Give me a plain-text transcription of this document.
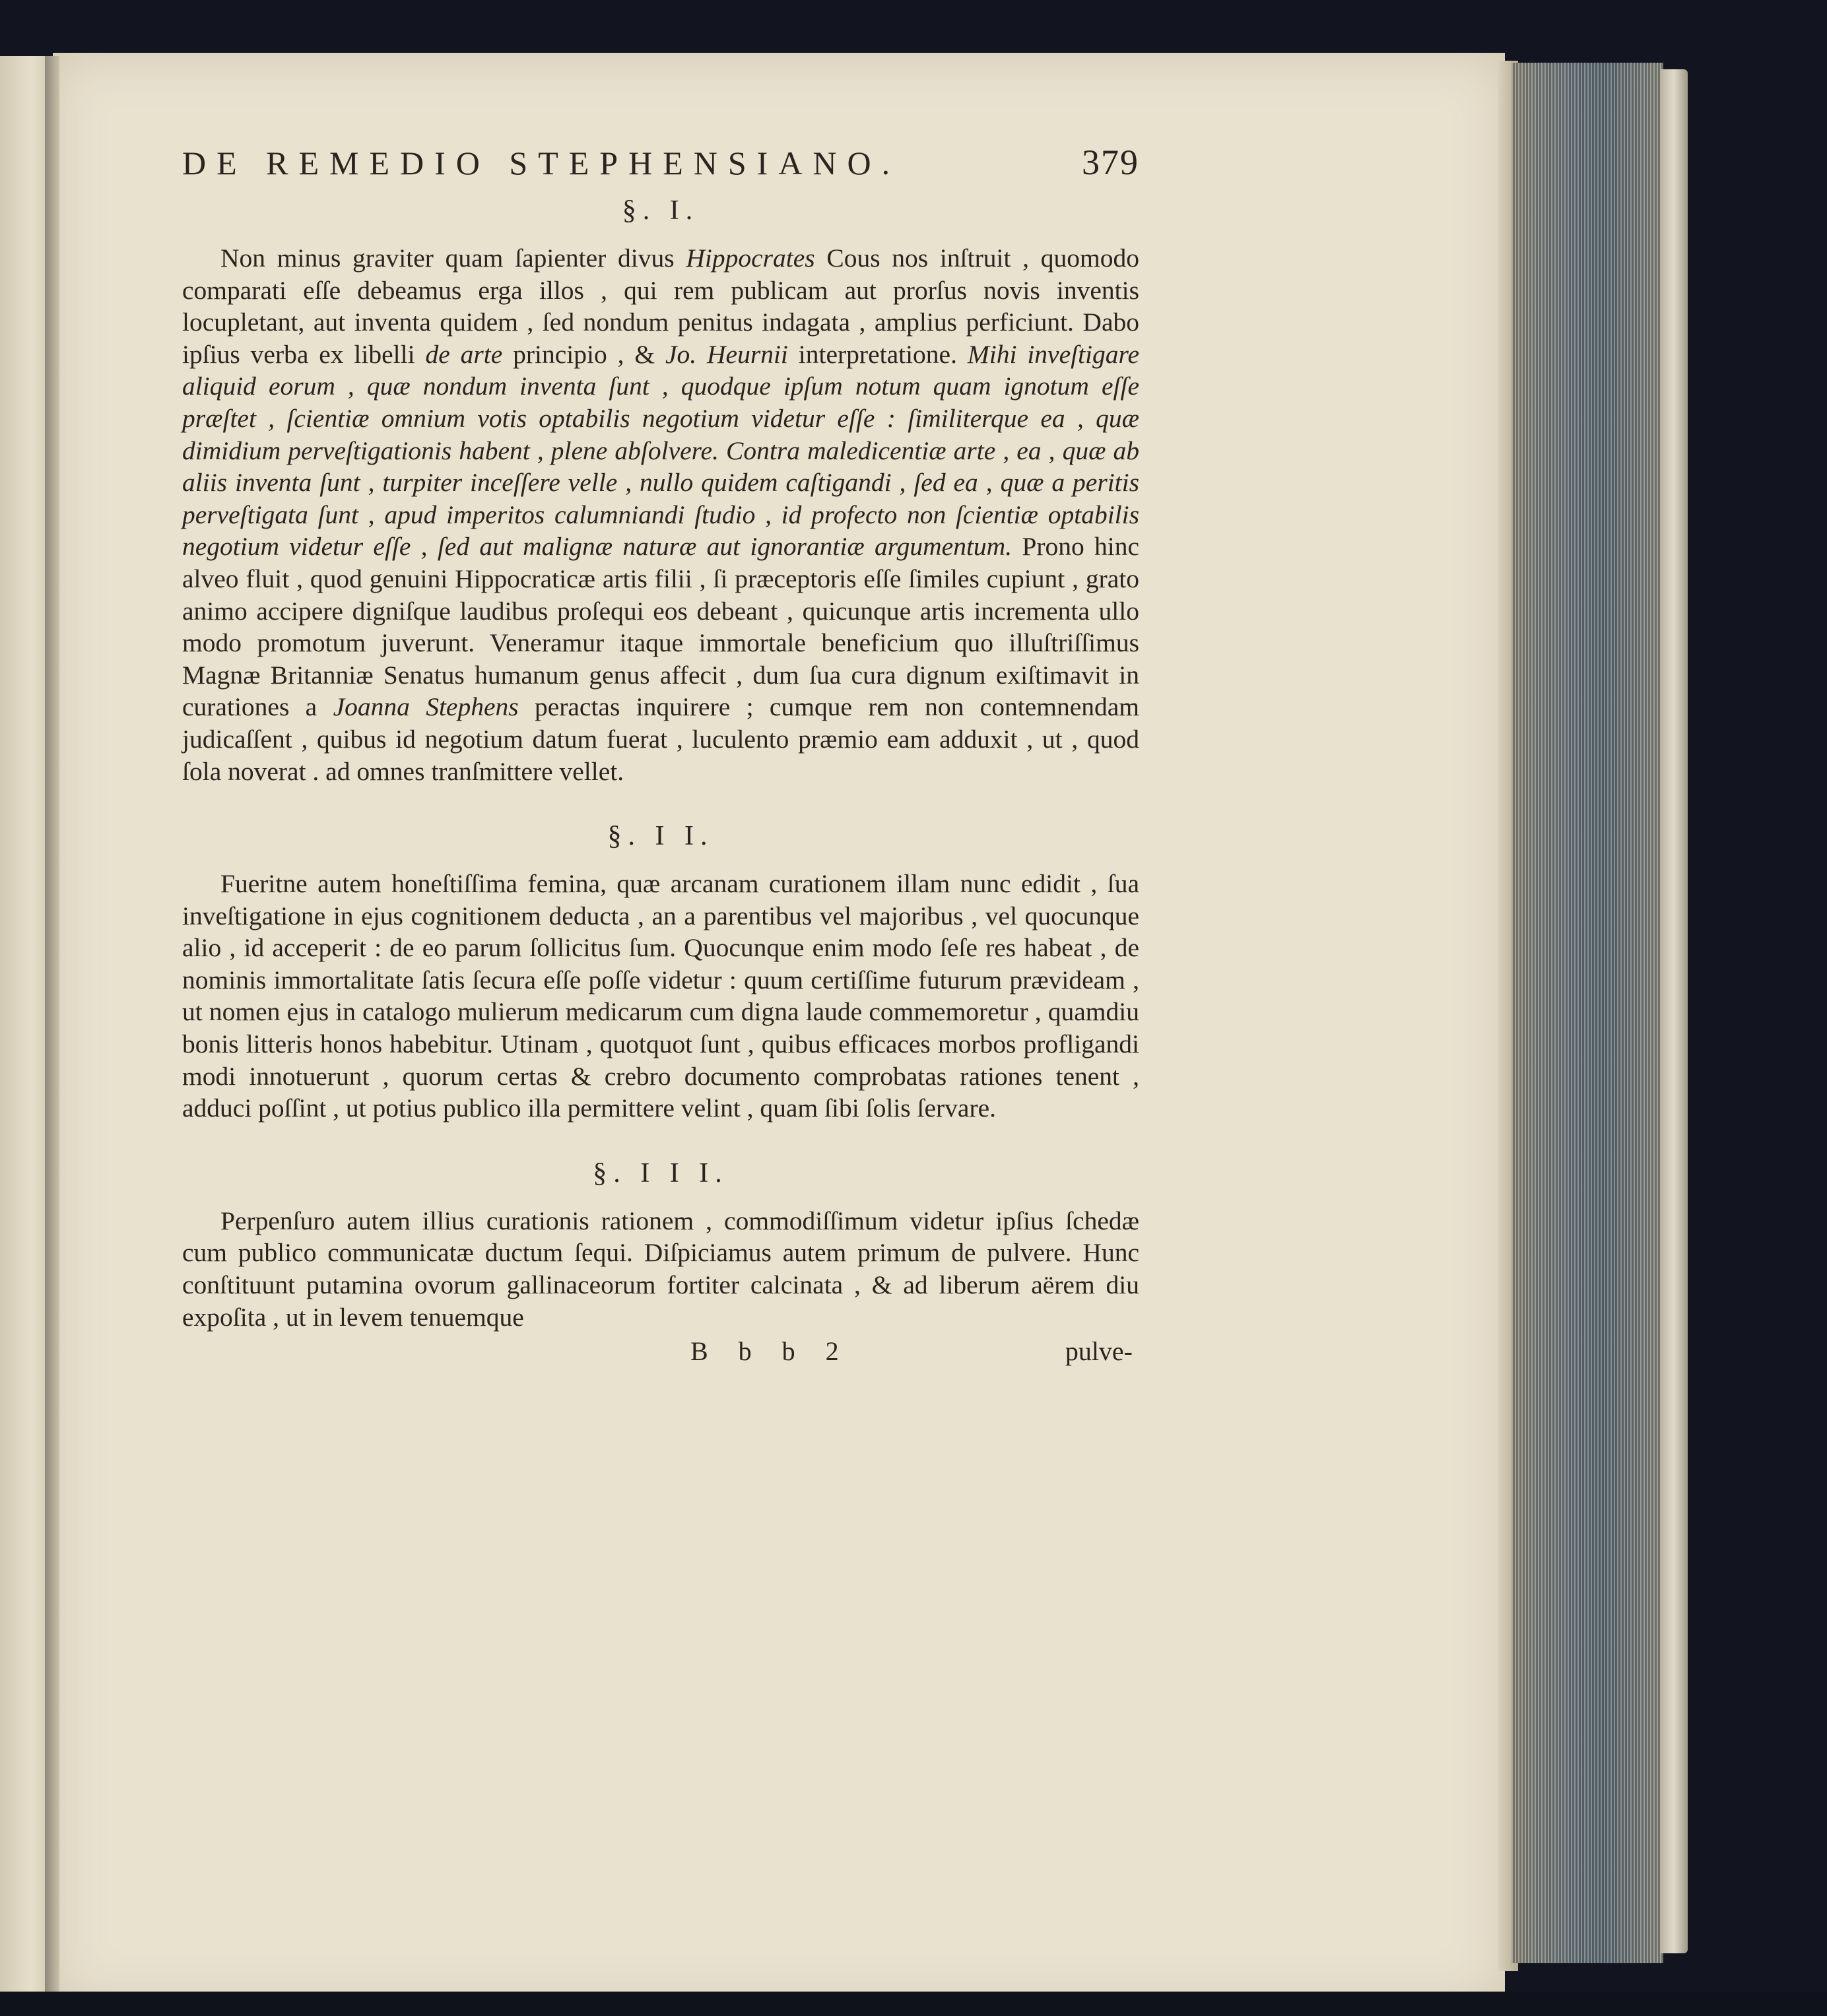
DE REMEDIO STEPHENSIANO.	379
§. I.

Non minus graviter quam ſapienter divus Hippocrates Cous nos inſtruit , quomodo comparati eſſe debeamus erga illos , qui rem publicam aut prorſus novis inventis locupletant, aut inventa quidem , ſed nondum penitus indagata , amplius perficiunt. Dabo ipſius verba ex libelli de arte principio , & Jo. Heurnii interpretatione. Mihi inveſtigare aliquid eorum , quæ nondum inventa ſunt , quodque ipſum notum quam ignotum eſſe præſtet , ſcientiæ omnium votis optabilis negotium videtur eſſe : ſimiliterque ea , quæ dimidium perveſtigationis habent , plene abſolvere. Contra maledicentiæ arte , ea , quæ ab aliis inventa ſunt , turpiter inceſſere velle , nullo quidem caſtigandi , ſed ea , quæ a peritis perveſtigata ſunt , apud imperitos calumniandi ſtudio , id profecto non ſcientiæ optabilis negotium videtur eſſe , ſed aut malignæ naturæ aut ignorantiæ argumentum. Prono hinc alveo fluit , quod genuini Hippocraticæ artis filii , ſi præceptoris eſſe ſimiles cupiunt , grato animo accipere digniſque laudibus proſequi eos debeant , quicunque artis incrementa ullo modo promotum juverunt. Veneramur itaque immortale beneficium quo illuſtriſſimus Magnæ Britanniæ Senatus humanum genus affecit , dum ſua cura dignum exiſtimavit in curationes a Joanna Stephens peractas inquirere ; cumque rem non contemnendam judicaſſent , quibus id negotium datum fuerat , luculento præmio eam adduxit , ut , quod ſola noverat . ad omnes tranſmittere vellet.

§. I I.

Fueritne autem honeſtiſſima femina, quæ arcanam curationem illam nunc edidit , ſua inveſtigatione in ejus cognitionem deducta , an a parentibus vel majoribus , vel quocunque alio , id acceperit : de eo parum ſollicitus ſum. Quocunque enim modo ſeſe res habeat , de nominis immortalitate ſatis ſecura eſſe poſſe videtur : quum certiſſime futurum prævideam , ut nomen ejus in catalogo mulierum medicarum cum digna laude commemoretur , quamdiu bonis litteris honos habebitur. Utinam , quotquot ſunt , quibus efficaces morbos profligandi modi innotuerunt , quorum certas & crebro documento comprobatas rationes tenent , adduci poſſint , ut potius publico illa permittere velint , quam ſibi ſolis ſervare.

§. I I I.

Perpenſuro autem illius curationis rationem , commodiſſimum videtur ipſius ſchedæ cum publico communicatæ ductum ſequi. Diſpiciamus autem primum de pulvere. Hunc conſtituunt putamina ovorum gallinaceorum fortiter calcinata , & ad liberum aërem diu expoſita , ut in levem tenuemque

B b b 2	pulve-
